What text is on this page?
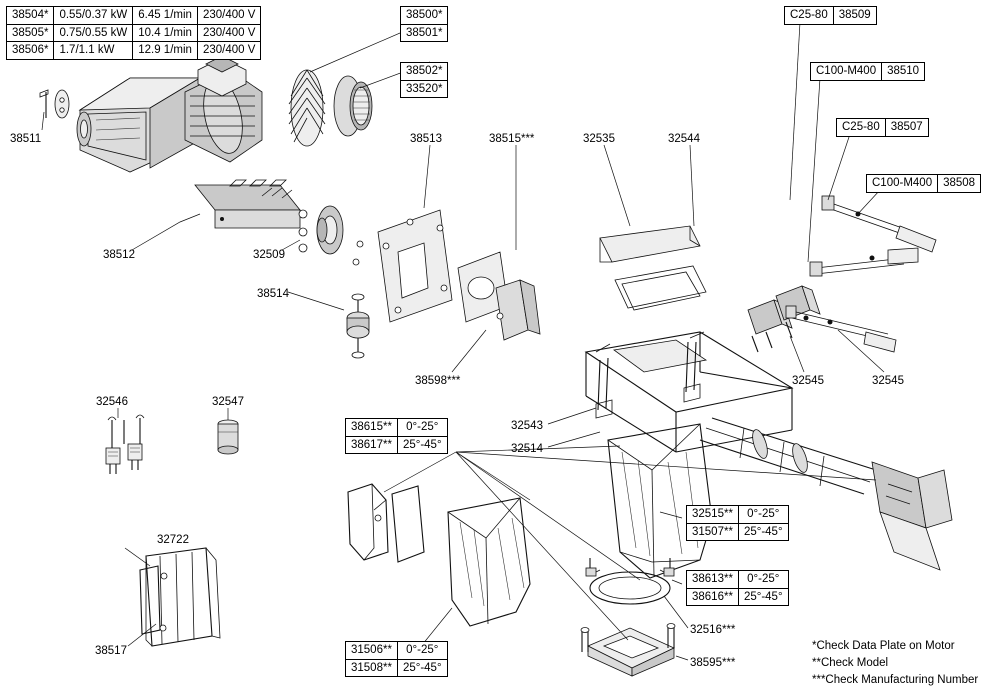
38504*	0.55/0.37 kW	6.45 1/min	230/400 V
38505*	0.75/0.55 kW	10.4 1/min	230/400 V
38506*	1.7/1.1 kW	12.9 1/min	230/400 V
38500*
38501*
38502*
33520*
38615**	0°-25°
38617**	25°-45°
32515**	0°-25°
31507**	25°-45°
38613**	0°-25°
38616**	25°-45°
31506**	0°-25°
31508**	25°-45°
C25-80	38509
C100-M400	38510
C25-80	38507
C100-M400	38508
38511
38512	32509
38514
38513	38515***	32535	32544
38598***
32546	32547
32543
32514
32545	32545
32722
38517
32516***
38595***
*Check Data Plate on Motor
**Check Model
***Check Manufacturing Number
